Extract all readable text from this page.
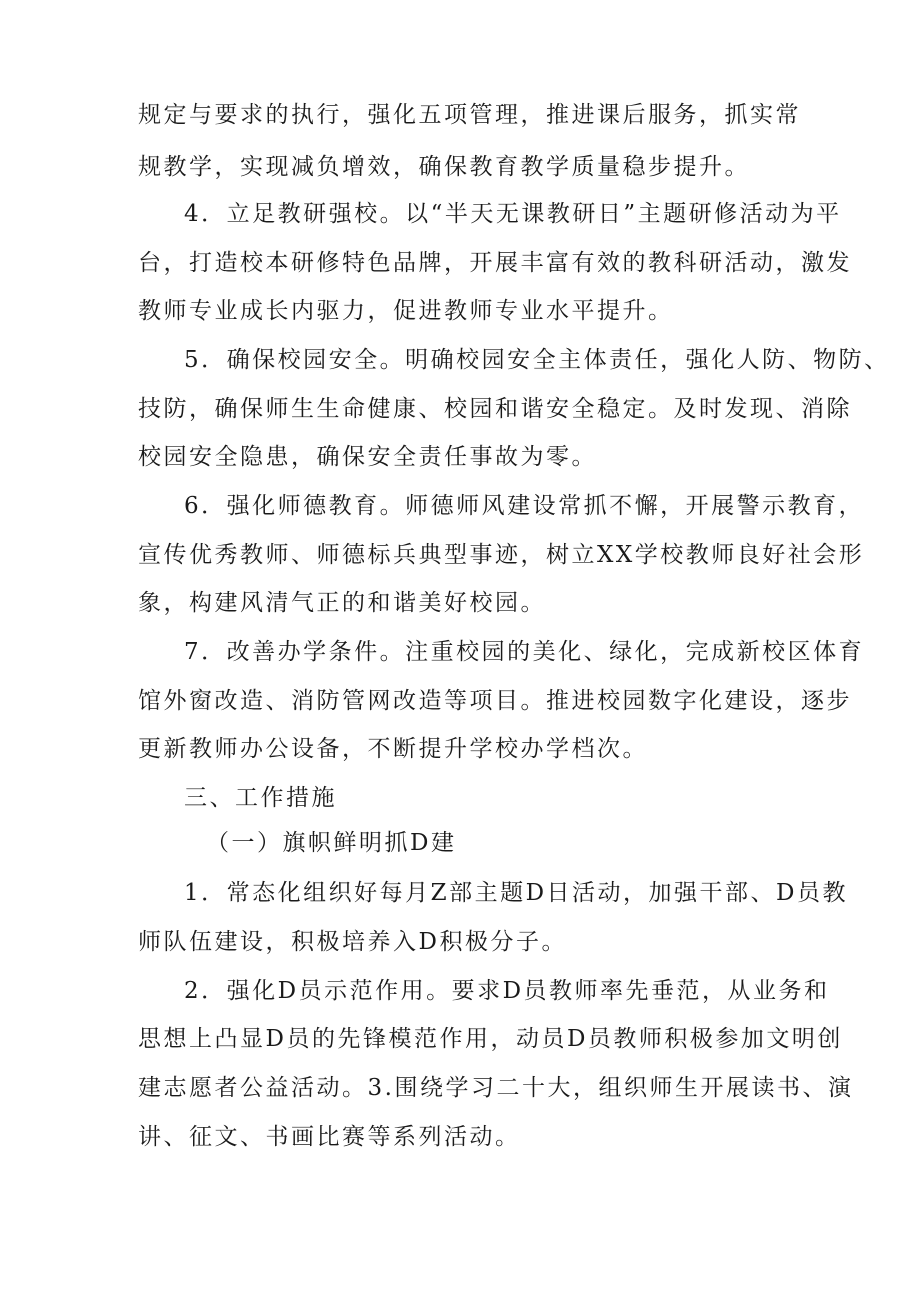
规定与要求的执行，强化五项管理，推进课后服务，抓实常
规教学，实现减负增效，确保教育教学质量稳步提升。
4．立足教研强校。以“半天无课教研日”主题研修活动为平
台，打造校本研修特色品牌，开展丰富有效的教科研活动，激发
教师专业成长内驱力，促进教师专业水平提升。
5．确保校园安全。明确校园安全主体责任，强化人防、物防、
技防，确保师生生命健康、校园和谐安全稳定。及时发现、消除
校园安全隐患，确保安全责任事故为零。
6．强化师德教育。师德师风建设常抓不懈，开展警示教育，
宣传优秀教师、师德标兵典型事迹，树立XX学校教师良好社会形
象，构建风清气正的和谐美好校园。
7．改善办学条件。注重校园的美化、绿化，完成新校区体育
馆外窗改造、消防管网改造等项目。推进校园数字化建设，逐步
更新教师办公设备，不断提升学校办学档次。
三、工作措施
（一）旗帜鲜明抓D建
1．常态化组织好每月Z部主题D日活动，加强干部、D员教
师队伍建设，积极培养入D积极分子。
2．强化D员示范作用。要求D员教师率先垂范，从业务和
思想上凸显D员的先锋模范作用，动员D员教师积极参加文明创
建志愿者公益活动。3.围绕学习二十大，组织师生开展读书、演
讲、征文、书画比赛等系列活动。
